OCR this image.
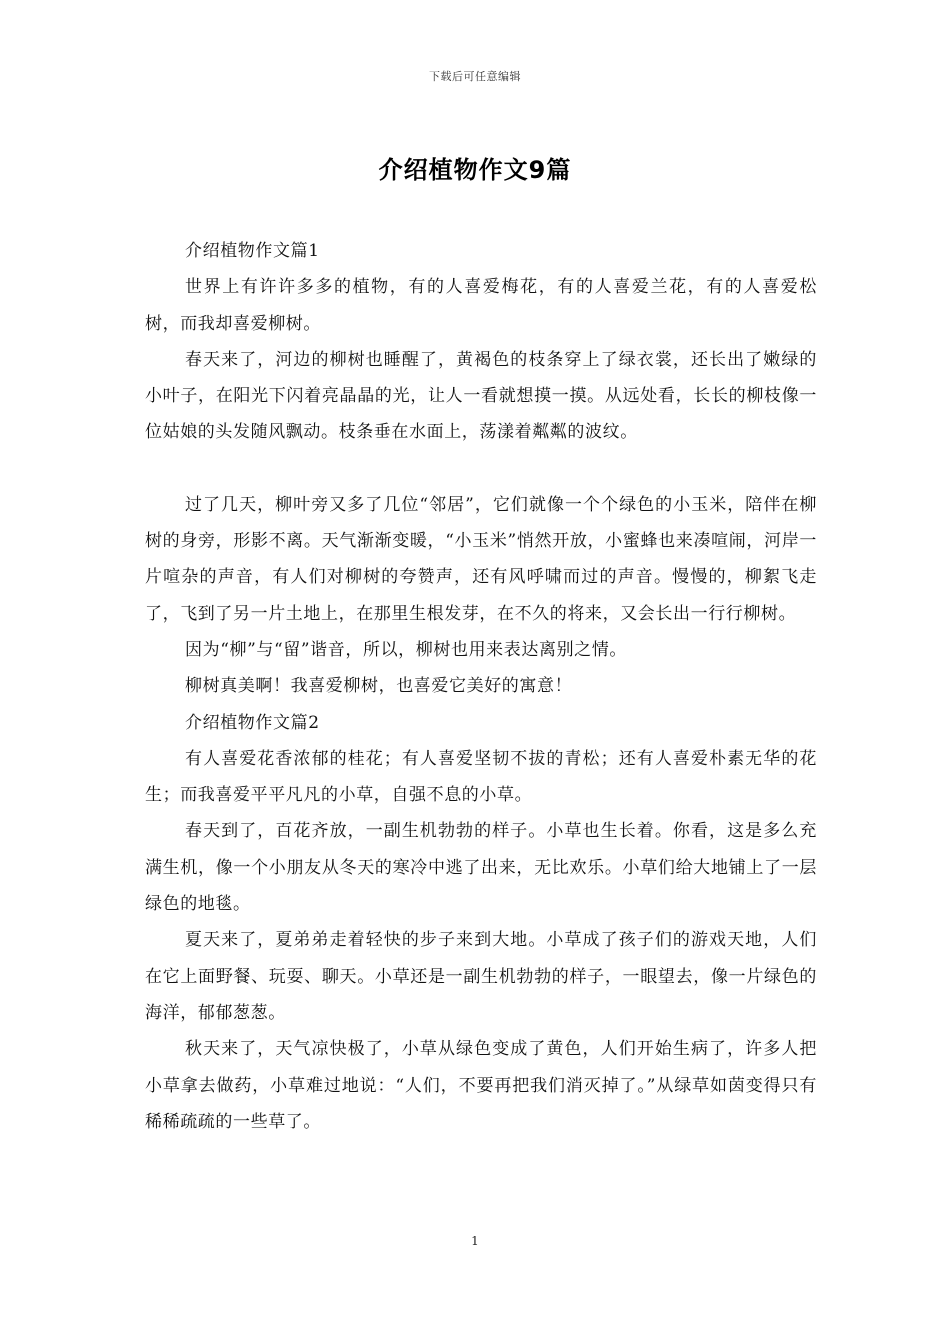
下载后可任意编辑
介绍植物作文9篇

介绍植物作文篇1

世界上有许许多多的植物，有的人喜爱梅花，有的人喜爱兰花，有的人喜爱松树，而我却喜爱柳树。

春天来了，河边的柳树也睡醒了，黄褐色的枝条穿上了绿衣裳，还长出了嫩绿的小叶子，在阳光下闪着亮晶晶的光，让人一看就想摸一摸。从远处看，长长的柳枝像一位姑娘的头发随风飘动。枝条垂在水面上，荡漾着粼粼的波纹。

过了几天，柳叶旁又多了几位“邻居”，它们就像一个个绿色的小玉米，陪伴在柳树的身旁，形影不离。天气渐渐变暖，“小玉米”悄然开放，小蜜蜂也来凑喧闹，河岸一片喧杂的声音，有人们对柳树的夸赞声，还有风呼啸而过的声音。慢慢的，柳絮飞走了，飞到了另一片土地上，在那里生根发芽，在不久的将来，又会长出一行行柳树。

因为“柳”与“留”谐音，所以，柳树也用来表达离别之情。

柳树真美啊！我喜爱柳树，也喜爱它美好的寓意！

介绍植物作文篇2

有人喜爱花香浓郁的桂花；有人喜爱坚韧不拔的青松；还有人喜爱朴素无华的花生；而我喜爱平平凡凡的小草，自强不息的小草。

春天到了，百花齐放，一副生机勃勃的样子。小草也生长着。你看，这是多么充满生机，像一个小朋友从冬天的寒冷中逃了出来，无比欢乐。小草们给大地铺上了一层绿色的地毯。

夏天来了，夏弟弟走着轻快的步子来到大地。小草成了孩子们的游戏天地，人们在它上面野餐、玩耍、聊天。小草还是一副生机勃勃的样子，一眼望去，像一片绿色的海洋，郁郁葱葱。

秋天来了，天气凉快极了，小草从绿色变成了黄色，人们开始生病了，许多人把小草拿去做药，小草难过地说：“人们，不要再把我们消灭掉了。”从绿草如茵变得只有稀稀疏疏的一些草了。

1
